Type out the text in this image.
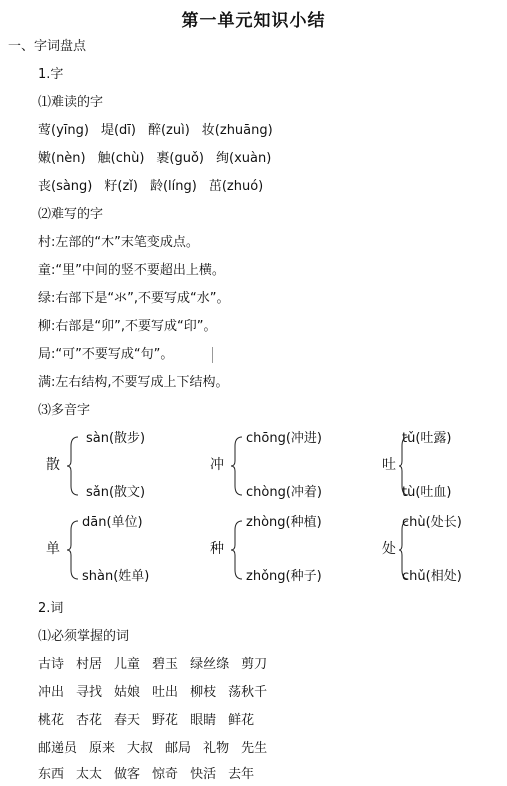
第一单元知识小结
一、字词盘点
1.字
⑴难读的字
莺(yīng) 堤(dī) 醉(zuì) 妆(zhuāng)
嫩(nèn) 触(chù) 裹(guǒ) 绚(xuàn)
丧(sàng) 籽(zǐ) 龄(líng) 茁(zhuó)
⑵难写的字
村:左部的“木”末笔变成点。
童:“里”中间的竖不要超出上横。
绿:右部下是“氺”,不要写成“水”。
柳:右部是“卯”,不要写成“印”。
局:“可”不要写成“句”。
满:左右结构,不要写成上下结构。
⑶多音字
散
sàn(散步)
sǎn(散文)
冲
chōng(冲进)
chòng(冲着)
吐
tǔ(吐露)
tù(吐血)
单
dān(单位)
shàn(姓单)
种
zhòng(种植)
zhǒng(种子)
处
chù(处长)
chǔ(相处)
2.词
⑴必须掌握的词
古诗 村居 儿童 碧玉 绿丝绦 剪刀
冲出 寻找 姑娘 吐出 柳枝 荡秋千
桃花 杏花 春天 野花 眼睛 鲜花
邮递员 原来 大叔 邮局 礼物 先生
东西 太太 做客 惊奇 快活 去年
